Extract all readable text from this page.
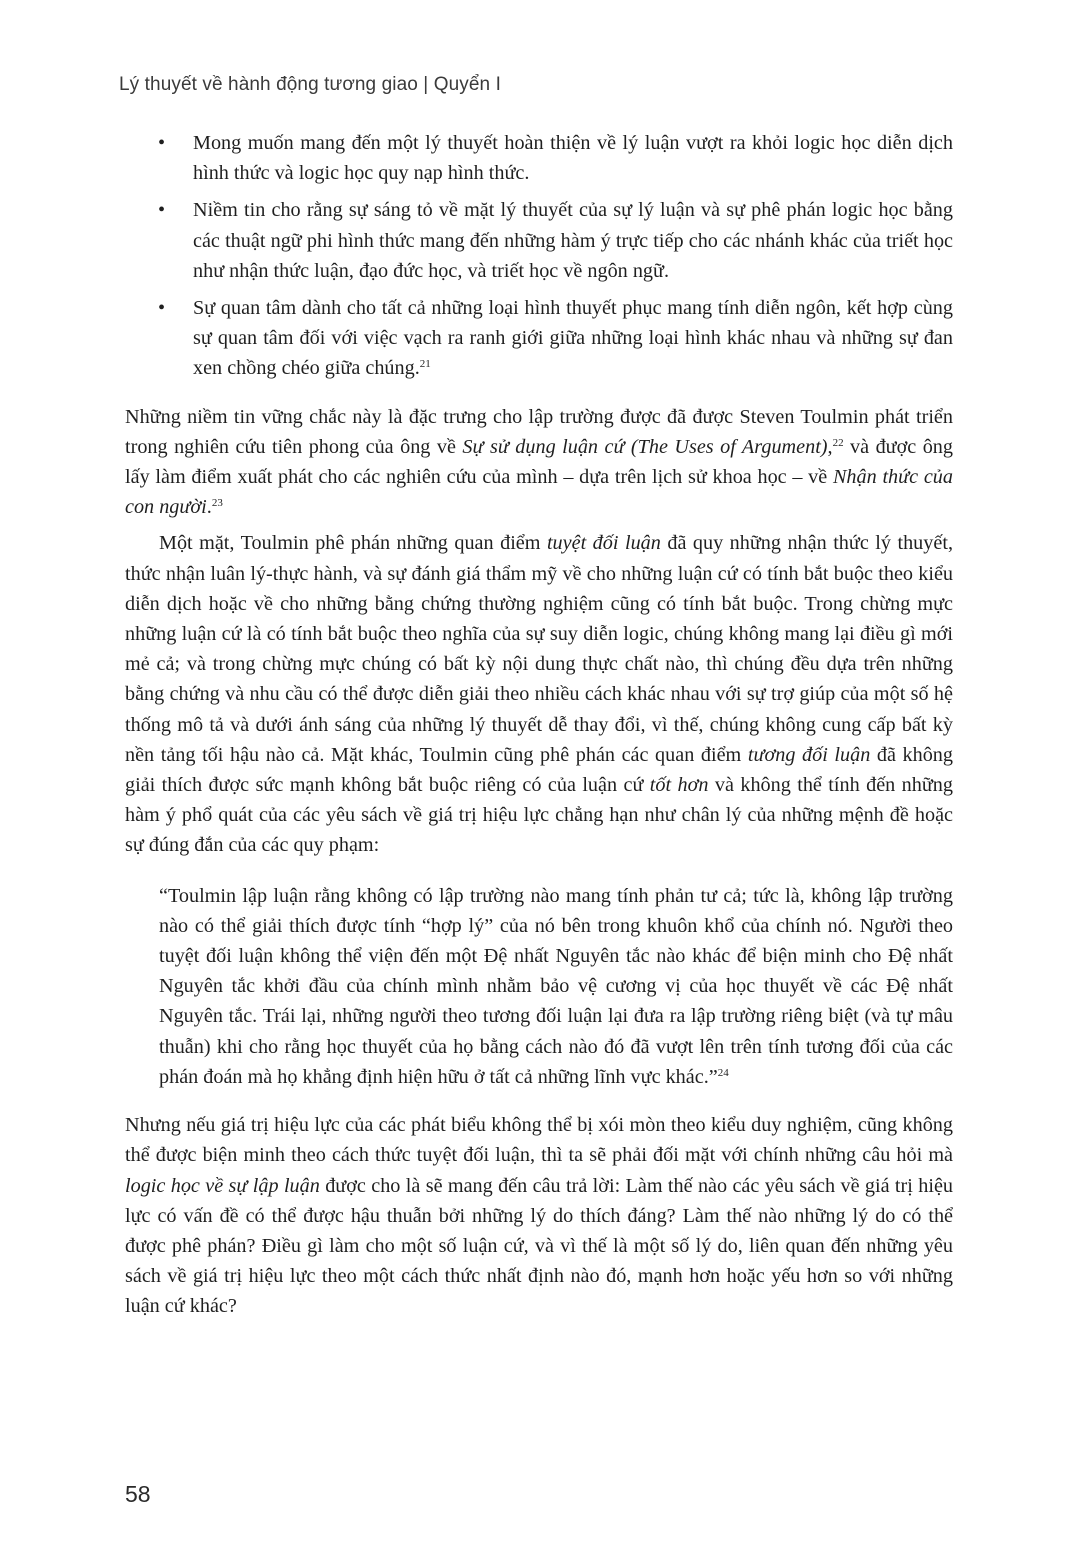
Lý thuyết về hành động tương giao | Quyển I
• Mong muốn mang đến một lý thuyết hoàn thiện về lý luận vượt ra khỏi logic học diễn dịch hình thức và logic học quy nạp hình thức.
• Niềm tin cho rằng sự sáng tỏ về mặt lý thuyết của sự lý luận và sự phê phán logic học bằng các thuật ngữ phi hình thức mang đến những hàm ý trực tiếp cho các nhánh khác của triết học như nhận thức luận, đạo đức học, và triết học về ngôn ngữ.
• Sự quan tâm dành cho tất cả những loại hình thuyết phục mang tính diễn ngôn, kết hợp cùng sự quan tâm đối với việc vạch ra ranh giới giữa những loại hình khác nhau và những sự đan xen chồng chéo giữa chúng.$^{21}$

Những niềm tin vững chắc này là đặc trưng cho lập trường được đã được Steven Toulmin phát triển trong nghiên cứu tiên phong của ông về Sự sử dụng luận cứ (The Uses of Argument),$^{22}$ và được ông lấy làm điểm xuất phát cho các nghiên cứu của mình – dựa trên lịch sử khoa học – về Nhận thức của con người.$^{23}$

Một mặt, Toulmin phê phán những quan điểm tuyệt đối luận đã quy những nhận thức lý thuyết, thức nhận luân lý-thực hành, và sự đánh giá thẩm mỹ về cho những luận cứ có tính bắt buộc theo kiểu diễn dịch hoặc về cho những bằng chứng thường nghiệm cũng có tính bắt buộc. Trong chừng mực những luận cứ là có tính bắt buộc theo nghĩa của sự suy diễn logic, chúng không mang lại điều gì mới mẻ cả; và trong chừng mực chúng có bất kỳ nội dung thực chất nào, thì chúng đều dựa trên những bằng chứng và nhu cầu có thể được diễn giải theo nhiều cách khác nhau với sự trợ giúp của một số hệ thống mô tả và dưới ánh sáng của những lý thuyết dễ thay đổi, vì thế, chúng không cung cấp bất kỳ nền tảng tối hậu nào cả. Mặt khác, Toulmin cũng phê phán các quan điểm tương đối luận đã không giải thích được sức mạnh không bắt buộc riêng có của luận cứ tốt hơn và không thể tính đến những hàm ý phổ quát của các yêu sách về giá trị hiệu lực chẳng hạn như chân lý của những mệnh đề hoặc sự đúng đắn của các quy phạm:

“Toulmin lập luận rằng không có lập trường nào mang tính phản tư cả; tức là, không lập trường nào có thể giải thích được tính “hợp lý” của nó bên trong khuôn khổ của chính nó. Người theo tuyệt đối luận không thể viện đến một Đệ nhất Nguyên tắc nào khác để biện minh cho Đệ nhất Nguyên tắc khởi đầu của chính mình nhằm bảo vệ cương vị của học thuyết về các Đệ nhất Nguyên tắc. Trái lại, những người theo tương đối luận lại đưa ra lập trường riêng biệt (và tự mâu thuẫn) khi cho rằng học thuyết của họ bằng cách nào đó đã vượt lên trên tính tương đối của các phán đoán mà họ khẳng định hiện hữu ở tất cả những lĩnh vực khác.”$^{24}$

Nhưng nếu giá trị hiệu lực của các phát biểu không thể bị xói mòn theo kiểu duy nghiệm, cũng không thể được biện minh theo cách thức tuyệt đối luận, thì ta sẽ phải đối mặt với chính những câu hỏi mà logic học về sự lập luận được cho là sẽ mang đến câu trả lời: Làm thế nào các yêu sách về giá trị hiệu lực có vấn đề có thể được hậu thuẫn bởi những lý do thích đáng? Làm thế nào những lý do có thể được phê phán? Điều gì làm cho một số luận cứ, và vì thế là một số lý do, liên quan đến những yêu sách về giá trị hiệu lực theo một cách thức nhất định nào đó, mạnh hơn hoặc yếu hơn so với những luận cứ khác?

58
